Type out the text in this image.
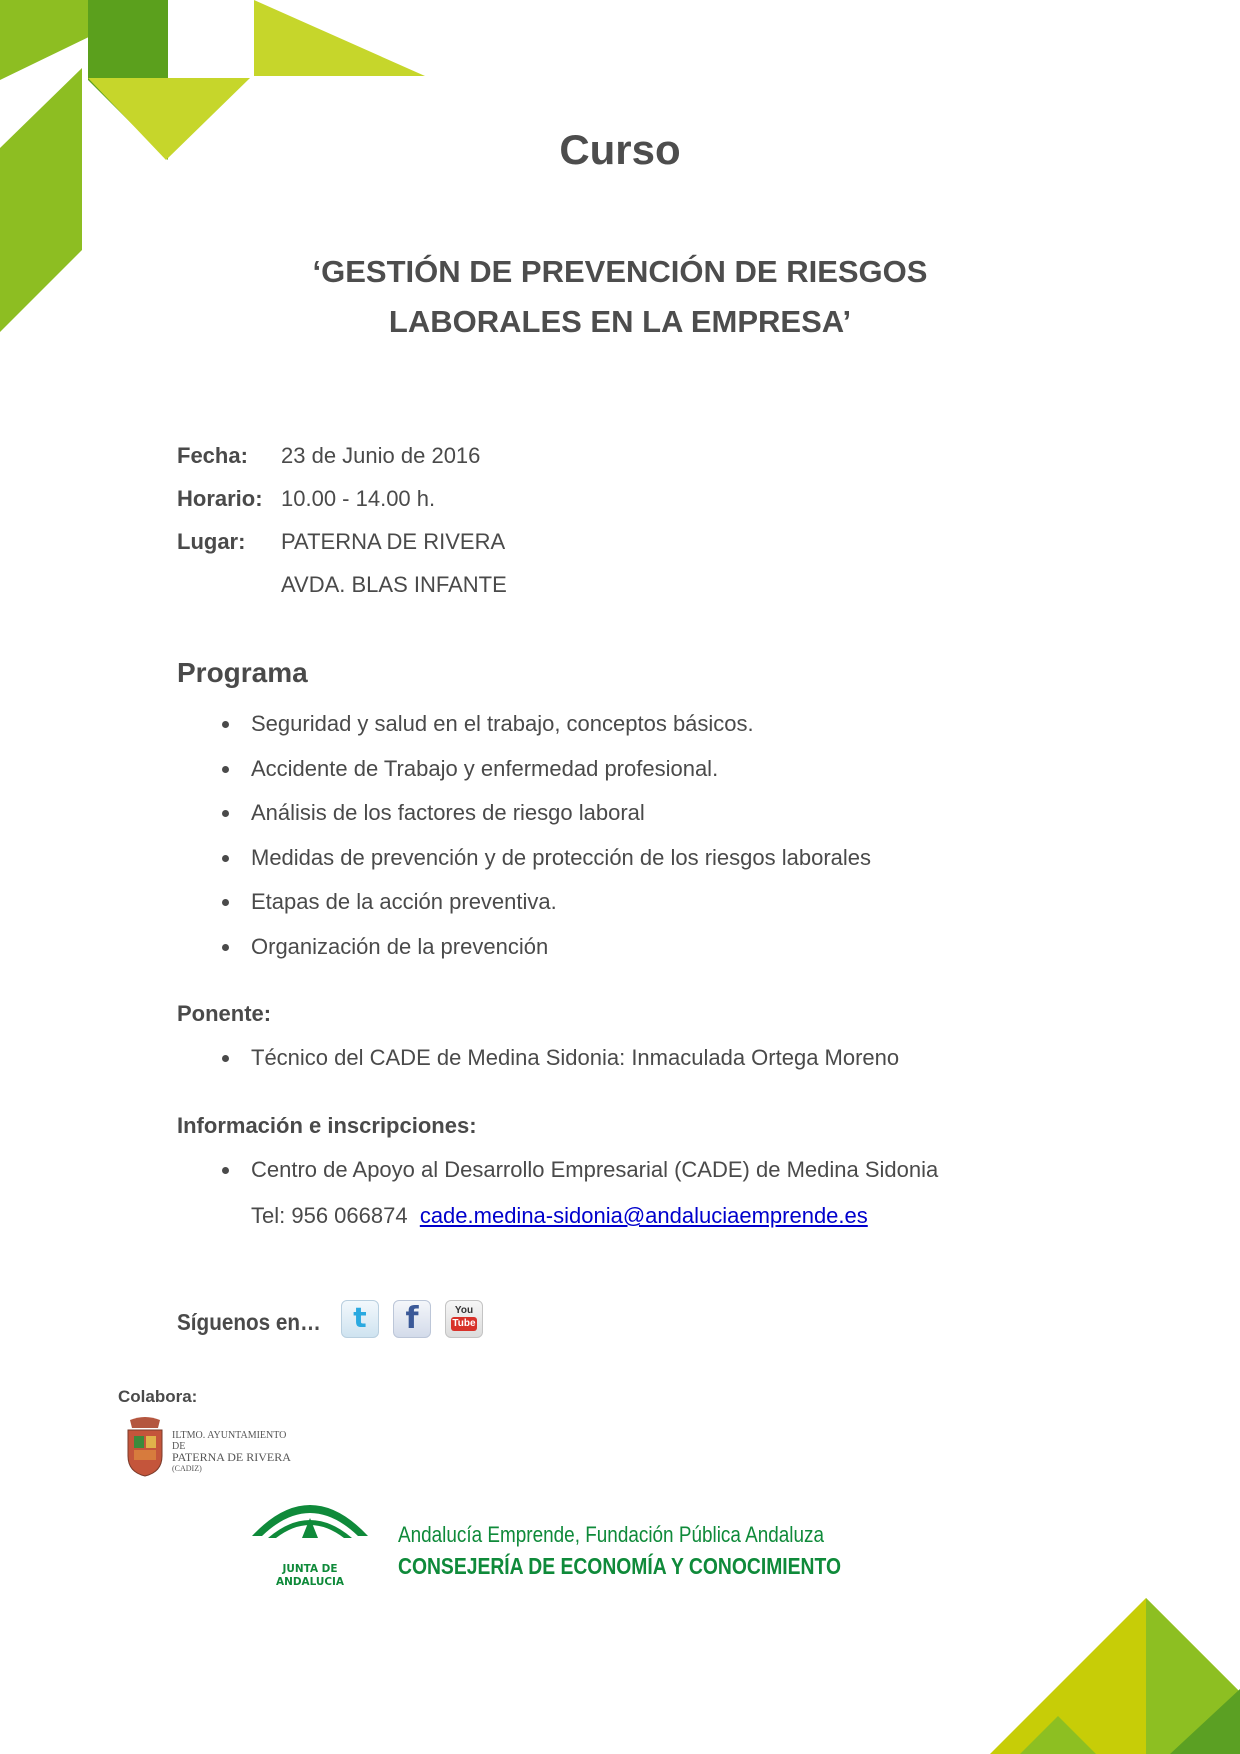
Curso
‘GESTIÓN DE PREVENCIÓN DE RIESGOS
LABORALES EN LA EMPRESA’
Fecha: 23 de Junio de 2016
Horario: 10.00 - 14.00 h.
Lugar: PATERNA DE RIVERA
AVDA. BLAS INFANTE
Programa
Seguridad y salud en el trabajo, conceptos básicos.
Accidente de Trabajo y enfermedad profesional.
Análisis de los factores de riesgo laboral
Medidas de prevención y de protección de los riesgos laborales
Etapas de la acción preventiva.
Organización de la prevención
Ponente:
Técnico del CADE de Medina Sidonia: Inmaculada Ortega Moreno
Información e inscripciones:
Centro de Apoyo al Desarrollo Empresarial (CADE) de Medina Sidonia
Tel: 956 066874 cade.medina-sidonia@andaluciaemprende.es
Síguenos en…	t	f	You
Tube
Colabora:
ILTMO. AYUNTAMIENTO
DE
PATERNA DE RIVERA
(CADIZ)
JUNTA DE ANDALUCIA
Andalucía Emprende, Fundación Pública Andaluza
CONSEJERÍA DE ECONOMÍA Y CONOCIMIENTO
